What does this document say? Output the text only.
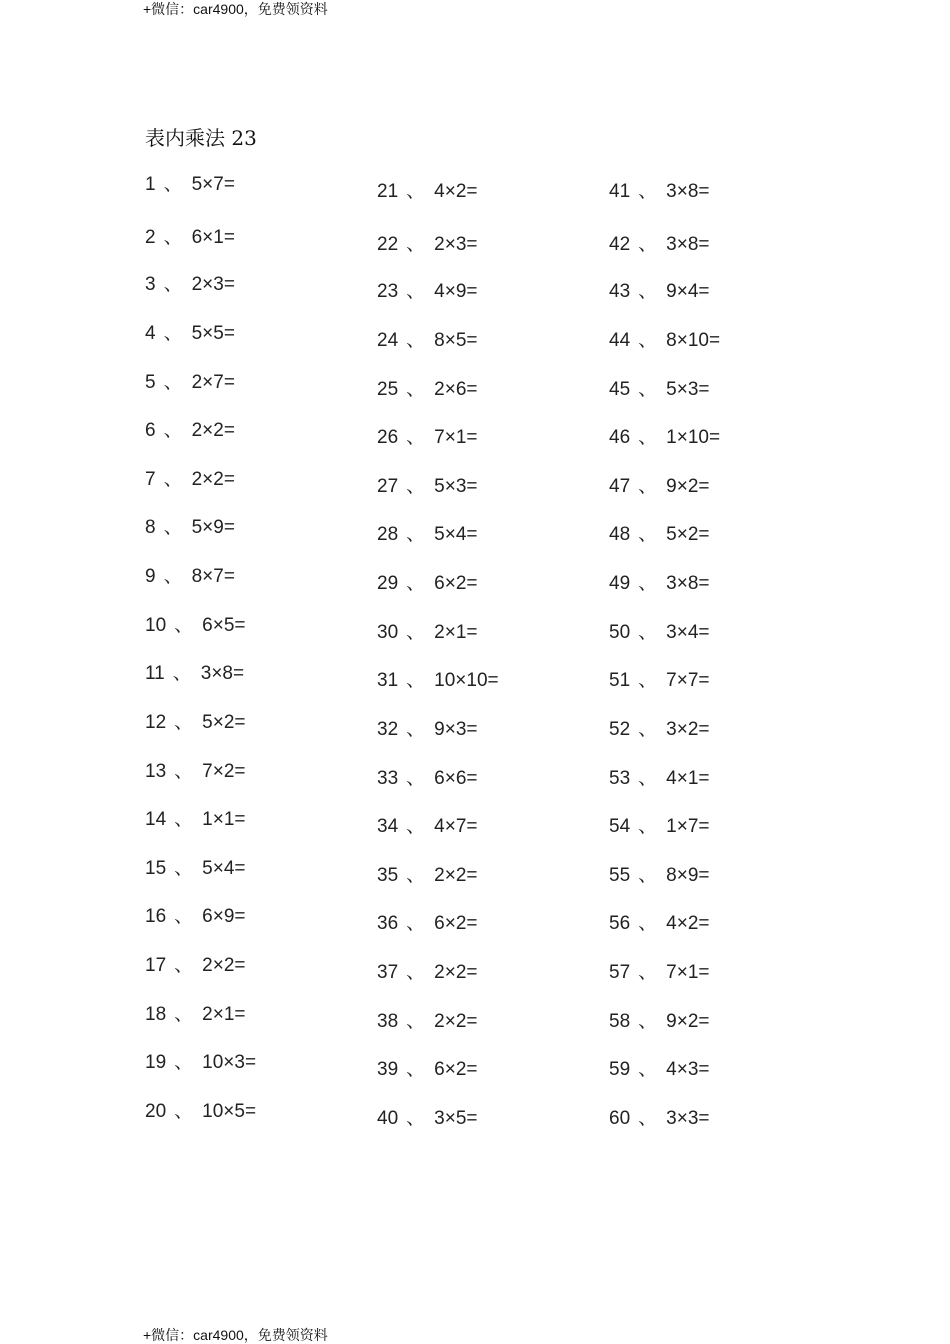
+微信：car4900，免费领资料
表内乘法 23
1 、 5×7=
2 、 6×1=
3 、 2×3=
4 、 5×5=
5 、 2×7=
6 、 2×2=
7 、 2×2=
8 、 5×9=
9 、 8×7=
10 、 6×5=
11 、 3×8=
12 、 5×2=
13 、 7×2=
14 、 1×1=
15 、 5×4=
16 、 6×9=
17 、 2×2=
18 、 2×1=
19 、 10×3=
20 、 10×5=
21 、 4×2=
22 、 2×3=
23 、 4×9=
24 、 8×5=
25 、 2×6=
26 、 7×1=
27 、 5×3=
28 、 5×4=
29 、 6×2=
30 、 2×1=
31 、 10×10=
32 、 9×3=
33 、 6×6=
34 、 4×7=
35 、 2×2=
36 、 6×2=
37 、 2×2=
38 、 2×2=
39 、 6×2=
40 、 3×5=
41 、 3×8=
42 、 3×8=
43 、 9×4=
44 、 8×10=
45 、 5×3=
46 、 1×10=
47 、 9×2=
48 、 5×2=
49 、 3×8=
50 、 3×4=
51 、 7×7=
52 、 3×2=
53 、 4×1=
54 、 1×7=
55 、 8×9=
56 、 4×2=
57 、 7×1=
58 、 9×2=
59 、 4×3=
60 、 3×3=
+微信：car4900，免费领资料
